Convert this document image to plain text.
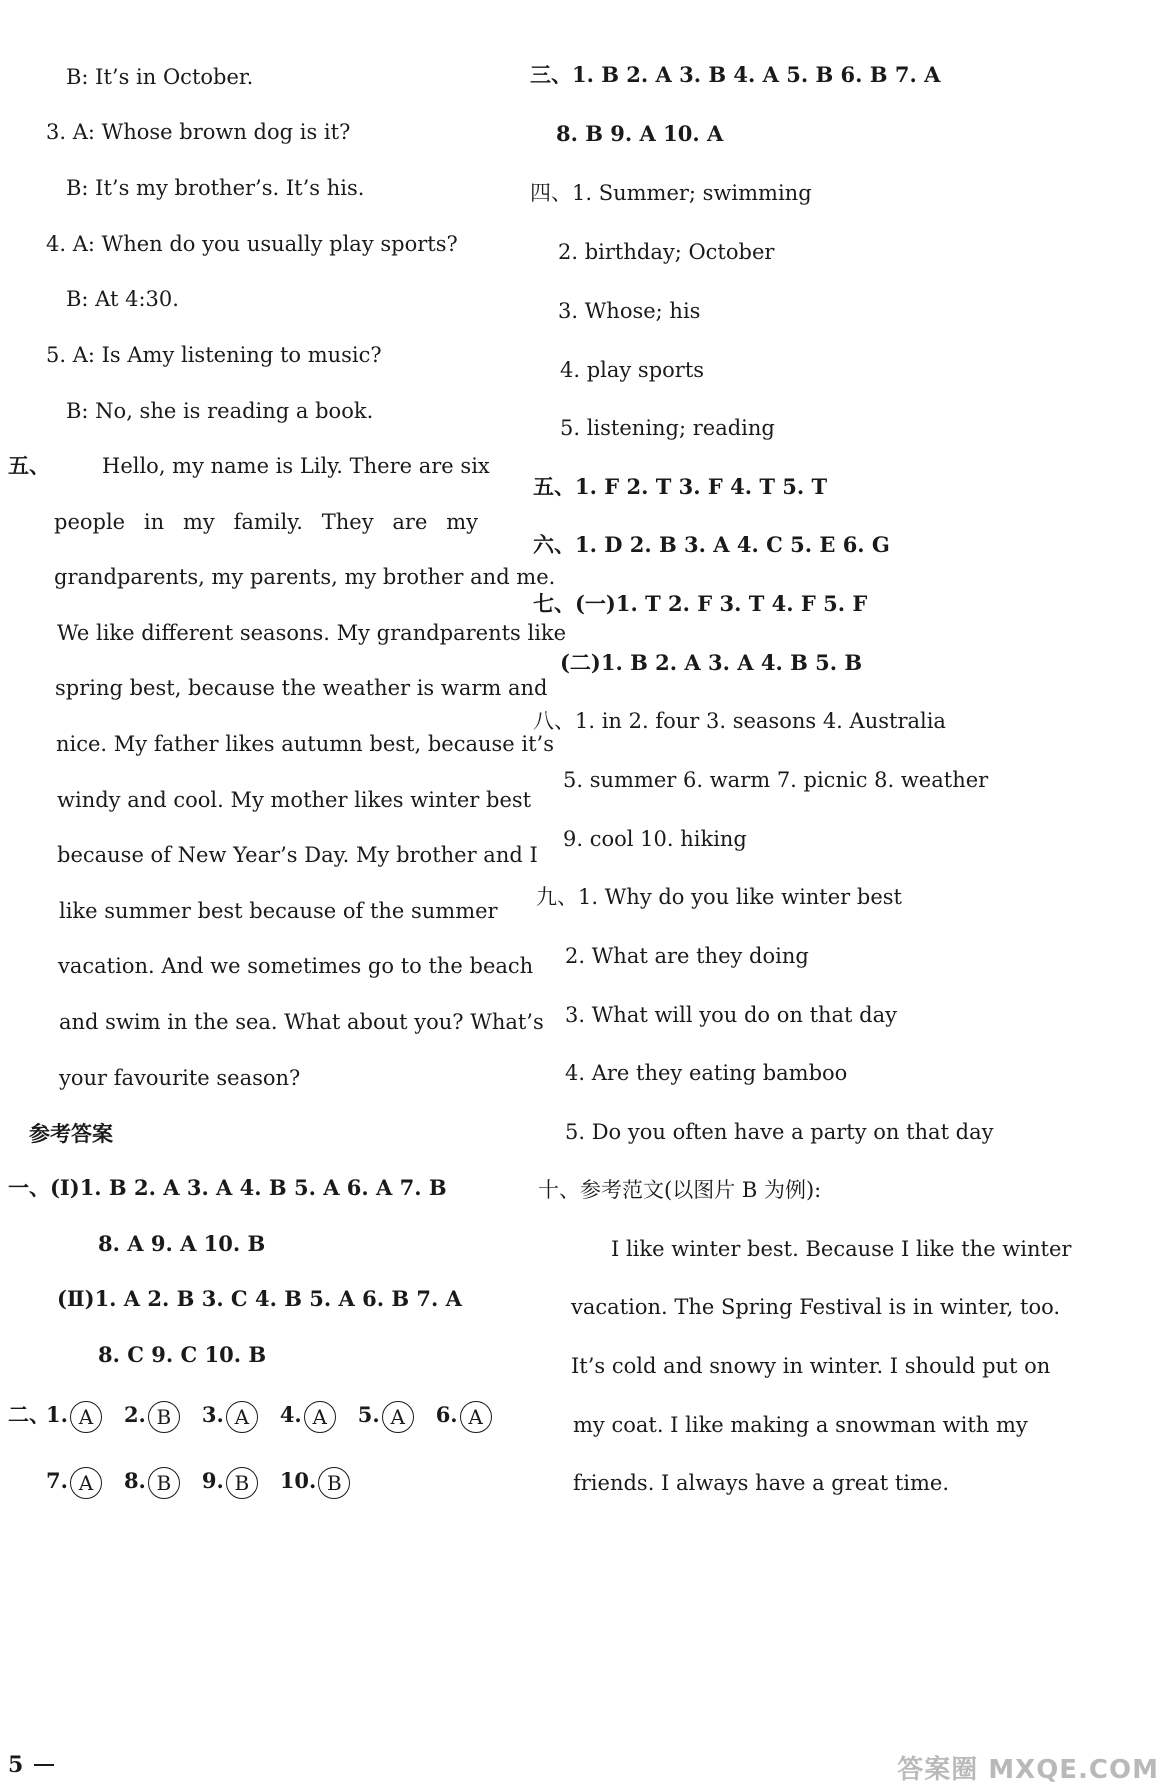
B: It’s in October.
3. A: Whose brown dog is it?
B: It’s my brother’s. It’s his.
4. A: When do you usually play sports?
B: At 4:30.
5. A: Is Amy listening to music?
B: No, she is reading a book.
五、 Hello, my name is Lily. There are six
people in my family. They are my
grandparents, my parents, my brother and me.
We like different seasons. My grandparents like
spring best, because the weather is warm and
nice. My father likes autumn best, because it’s
windy and cool. My mother likes winter best
because of New Year’s Day. My brother and I
like summer best because of the summer
vacation. And we sometimes go to the beach
and swim in the sea. What about you? What’s
your favourite season?
参考答案
一、(Ⅰ)1. B 2. A 3. A 4. B 5. A 6. A 7. B
8. A 9. A 10. B
(Ⅱ)1. A 2. B 3. C 4. B 5. A 6. B 7. A
8. C 9. C 10. B
二、
1. A 2. B 3. A 4. A 5. A 6. A
7. A 8. B 9. B 10. B
三、1. B 2. A 3. B 4. A 5. B 6. B 7. A
8. B 9. A 10. A
四、1. Summer; swimming
2. birthday; October
3. Whose; his
4. play sports
5. listening; reading
五、1. F 2. T 3. F 4. T 5. T
六、1. D 2. B 3. A 4. C 5. E 6. G
七、(一)1. T 2. F 3. T 4. F 5. F
(二)1. B 2. A 3. A 4. B 5. B
八、1. in 2. four 3. seasons 4. Australia
5. summer 6. warm 7. picnic 8. weather
9. cool 10. hiking
九、1. Why do you like winter best
2. What are they doing
3. What will you do on that day
4. Are they eating bamboo
5. Do you often have a party on that day
十、参考范文(以图片 B 为例):
I like winter best. Because I like the winter
vacation. The Spring Festival is in winter, too.
It’s cold and snowy in winter. I should put on
my coat. I like making a snowman with my
friends. I always have a great time.
5	答案圈 MXQE.COM
